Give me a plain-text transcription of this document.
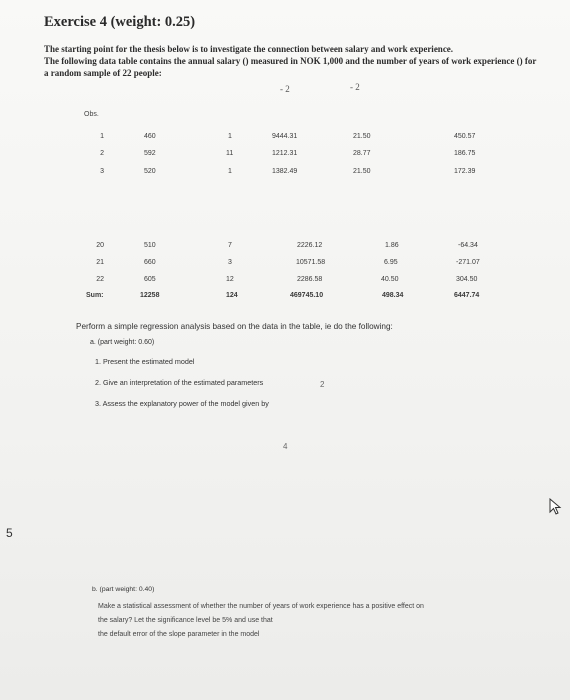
Exercise 4 (weight: 0.25)
The starting point for the thesis below is to investigate the connection between salary and work experience.
The following data table contains the annual salary () measured in NOK 1,000 and the number of years of work experience () for
a random sample of 22 people:
- 2	- 2
Obs.
1	460	1	9444.31	21.50	450.57
2	592	11	1212.31	28.77	186.75
3	520	1	1382.49	21.50	172.39
20	510	7	2226.12	1.86	-64.34
21	660	3	10571.58	6.95	-271.07
22	605	12	2286.58	40.50	304.50
Sum:	12258	124	469745.10	498.34	6447.74
Perform a simple regression analysis based on the data in the table, ie do the following:
a. (part weight: 0.60)
1. Present the estimated model
2. Give an interpretation of the estimated parameters
3. Assess the explanatory power of the model given by
2
4
5
b. (part weight: 0.40)
Make a statistical assessment of whether the number of years of work experience has a positive effect on
the salary? Let the significance level be 5% and use that
the default error of the slope parameter in the model
